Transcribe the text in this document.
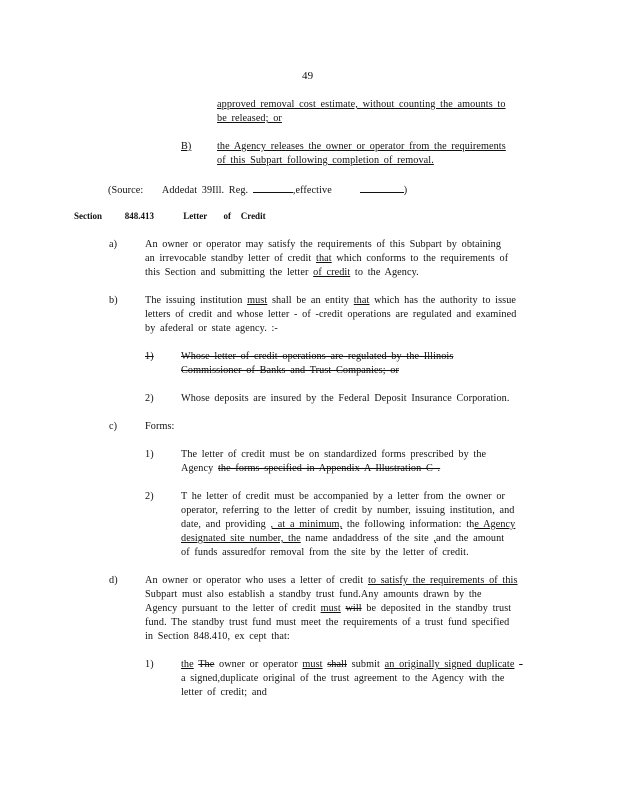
49
approved removal cost estimate, without counting the amounts to
be released; or
B)	the Agency releases the owner or operator from the requirements
of this Subpart following completion of removal.
(Source: Addedat 39Ill. Reg.	,effective	)
Section	848.413	Letter of Credit
a)	An owner or operator may satisfy the requirements of this Subpart by obtaining
an irrevocable standby letter of credit that which conforms to the requirements of
this Section and submitting the letter of credit to the Agency.
b)	The issuing institution must shall be an entity that which has the authority to issue
letters of credit and whose letter - of -credit operations are regulated and examined
by afederal or state agency. :-
1)	Whose letter of credit operations are regulated by the Illinois
Commissioner of Banks and Trust Companies; or
2)	Whose deposits are insured by the Federal Deposit Insurance Corporation.
c)	Forms:
1)	The letter of credit must be on standardized forms prescribed by the
Agency the forms specified in Appendix A Illustration C .
2)	T he letter of credit must be accompanied by a letter from the owner or
operator, referring to the letter of credit by number, issuing institution, and
date, and providing , at a minimum, the following information: the Agency
designated site number, the name andaddress of the site ,and the amount
of funds assuredfor removal from the site by the letter of credit.
d)	An owner or operator who uses a letter of credit to satisfy the requirements of this
Subpart must also establish a standby trust fund.Any amounts drawn by the
Agency pursuant to the letter of credit must will be deposited in the standby trust
fund. The standby trust fund must meet the requirements of a trust fund specified
in Section 848.410, ex cept that:
1)	the The owner or operator must shall submit an originally signed duplicate -
a signed,duplicate original of the trust agreement to the Agency with the
letter of credit; and
